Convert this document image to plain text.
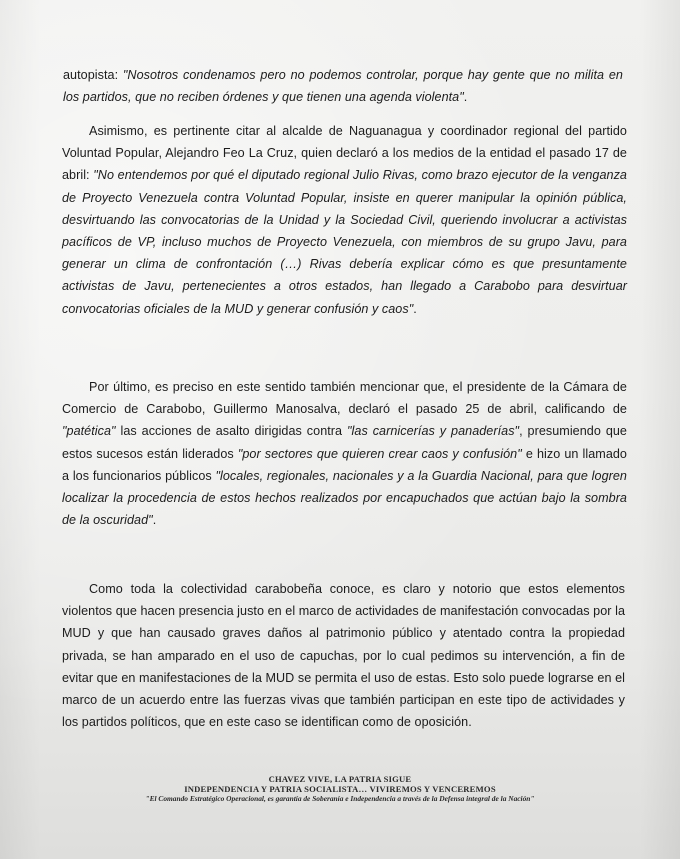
autopista: "Nosotros condenamos pero no podemos controlar, porque hay gente que no milita en los partidos, que no reciben órdenes y que tienen una agenda violenta".

Asimismo, es pertinente citar al alcalde de Naguanagua y coordinador regional del partido Voluntad Popular, Alejandro Feo La Cruz, quien declaró a los medios de la entidad el pasado 17 de abril: "No entendemos por qué el diputado regional Julio Rivas, como brazo ejecutor de la venganza de Proyecto Venezuela contra Voluntad Popular, insiste en querer manipular la opinión pública, desvirtuando las convocatorias de la Unidad y la Sociedad Civil, queriendo involucrar a activistas pacíficos de VP, incluso muchos de Proyecto Venezuela, con miembros de su grupo Javu, para generar un clima de confrontación (…) Rivas debería explicar cómo es que presuntamente activistas de Javu, pertenecientes a otros estados, han llegado a Carabobo para desvirtuar convocatorias oficiales de la MUD y generar confusión y caos".

Por último, es preciso en este sentido también mencionar que, el presidente de la Cámara de Comercio de Carabobo, Guillermo Manosalva, declaró el pasado 25 de abril, calificando de "patética" las acciones de asalto dirigidas contra "las carnicerías y panaderías", presumiendo que estos sucesos están liderados "por sectores que quieren crear caos y confusión" e hizo un llamado a los funcionarios públicos "locales, regionales, nacionales y a la Guardia Nacional, para que logren localizar la procedencia de estos hechos realizados por encapuchados que actúan bajo la sombra de la oscuridad".

Como toda la colectividad carabobeña conoce, es claro y notorio que estos elementos violentos que hacen presencia justo en el marco de actividades de manifestación convocadas por la MUD y que han causado graves daños al patrimonio público y atentado contra la propiedad privada, se han amparado en el uso de capuchas, por lo cual pedimos su intervención, a fin de evitar que en manifestaciones de la MUD se permita el uso de estas. Esto solo puede lograrse en el marco de un acuerdo entre las fuerzas vivas que también participan en este tipo de actividades y los partidos políticos, que en este caso se identifican como de oposición.

CHAVEZ VIVE, LA PATRIA SIGUE
INDEPENDENCIA Y PATRIA SOCIALISTA… VIVIREMOS Y VENCEREMOS
"El Comando Estratégico Operacional, es garantía de Soberanía e Independencia a través de la Defensa integral de la Nación"
